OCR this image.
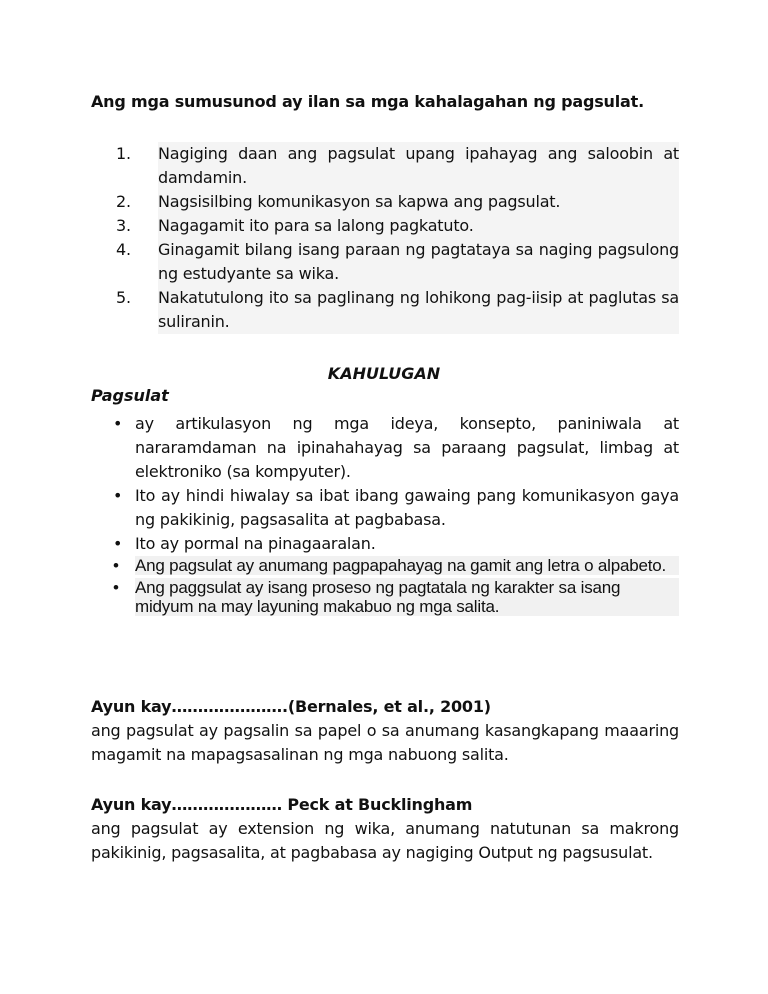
Ang mga sumusunod ay ilan sa mga kahalagahan ng pagsulat.
1.	Nagiging daan ang pagsulat upang ipahayag ang saloobin at damdamin.
2.	Nagsisilbing komunikasyon sa kapwa ang pagsulat.
3.	Nagagamit ito para sa lalong pagkatuto.
4.	Ginagamit bilang isang paraan ng pagtataya sa naging pagsulong ng estudyante sa wika.
5.	Nakatutulong ito sa paglinang ng lohikong pag-iisip at paglutas sa suliranin.
KAHULUGAN
Pagsulat
• ay artikulasyon ng mga ideya, konsepto, paniniwala at nararamdaman na ipinahahayag sa paraang pagsulat, limbag at elektroniko (sa kompyuter).
• Ito ay hindi hiwalay sa ibat ibang gawaing pang komunikasyon gaya ng pakikinig, pagsasalita at pagbabasa.
• Ito ay pormal na pinagaaralan.
• Ang pagsulat ay anumang pagpapahayag na gamit ang letra o alpabeto.
• Ang paggsulat ay isang proseso ng pagtatala ng karakter sa isang midyum na may layuning makabuo ng mga salita.
Ayun kay………………….(Bernales, et al., 2001)
ang pagsulat ay pagsalin sa papel o sa anumang kasangkapang maaaring magamit na mapagsasalinan ng mga nabuong salita.
Ayun kay………………… Peck at Bucklingham
ang pagsulat ay extension ng wika, anumang natutunan sa makrong pakikinig, pagsasalita, at pagbabasa ay nagiging Output ng pagsusulat.
